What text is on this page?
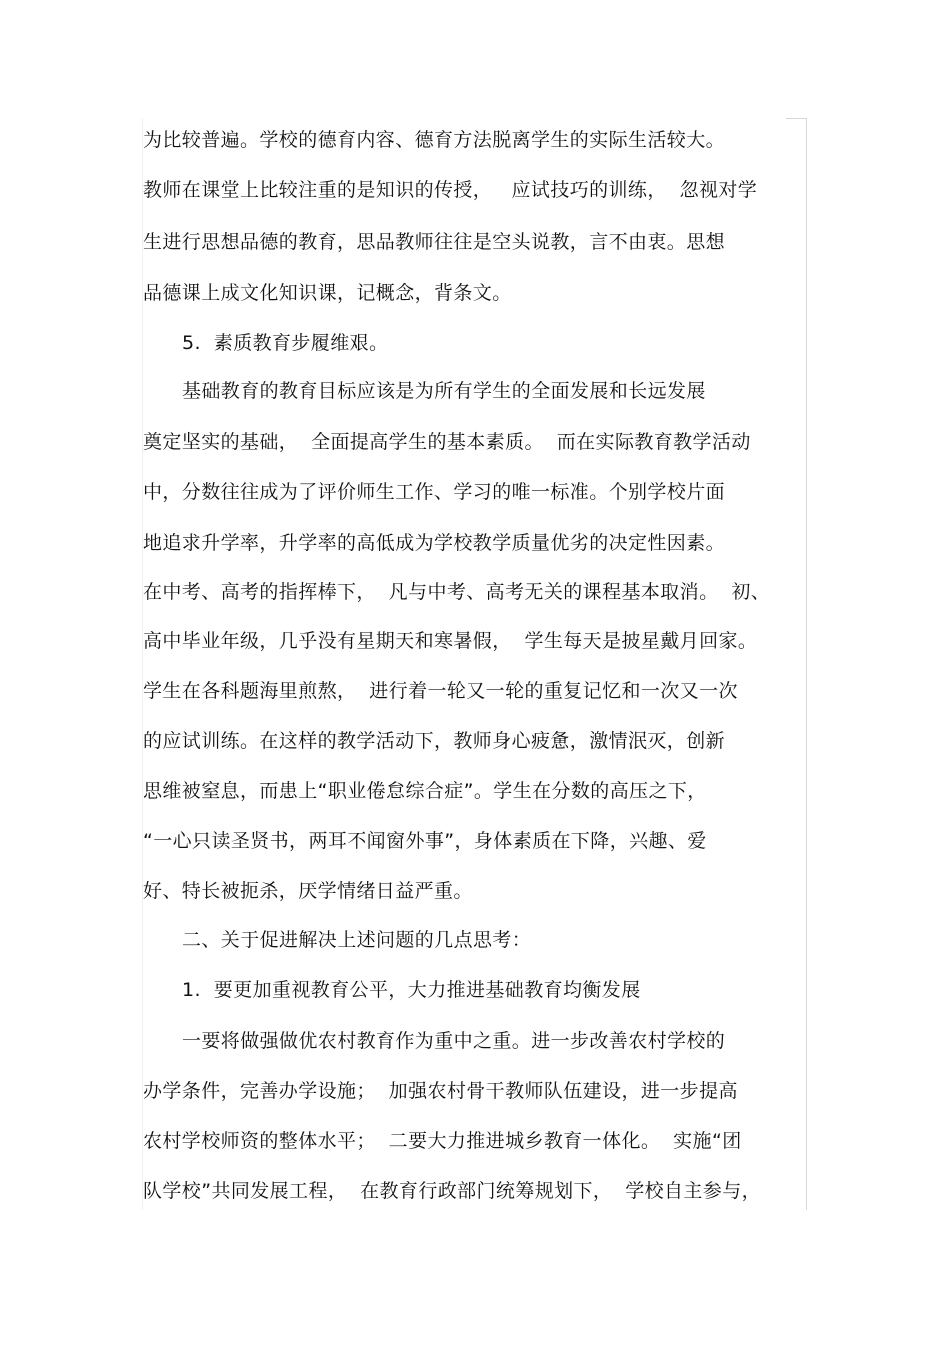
为比较普遍。学校的德育内容、德育方法脱离学生的实际生活较大。
教师在课堂上比较注重的是知识的传授，   应试技巧的训练，  忽视对学
生进行思想品德的教育，思品教师往往是空头说教，言不由衷。思想
品德课上成文化知识课，记概念，背条文。
5.  素质教育步履维艰。
基础教育的教育目标应该是为所有学生的全面发展和长远发展
奠定坚实的基础，  全面提高学生的基本素质。  而在实际教育教学活动
中，分数往往成为了评价师生工作、学习的唯一标准。个别学校片面
地追求升学率，升学率的高低成为学校教学质量优劣的决定性因素。
在中考、高考的指挥棒下，  凡与中考、高考无关的课程基本取消。  初、
高中毕业年级，几乎没有星期天和寒暑假，  学生每天是披星戴月回家。
学生在各科题海里煎熬，  进行着一轮又一轮的重复记忆和一次又一次
的应试训练。在这样的教学活动下，教师身心疲惫，激情泯灭，创新
思维被窒息，而患上“职业倦怠综合症”。学生在分数的高压之下，
“一心只读圣贤书，两耳不闻窗外事”，身体素质在下降，兴趣、爱
好、特长被扼杀，厌学情绪日益严重。
二、关于促进解决上述问题的几点思考：
1.  要更加重视教育公平，大力推进基础教育均衡发展
一要将做强做优农村教育作为重中之重。进一步改善农村学校的
办学条件，完善办学设施；  加强农村骨干教师队伍建设，进一步提高
农村学校师资的整体水平；  二要大力推进城乡教育一体化。  实施“团
队学校”共同发展工程，  在教育行政部门统筹规划下，  学校自主参与，
